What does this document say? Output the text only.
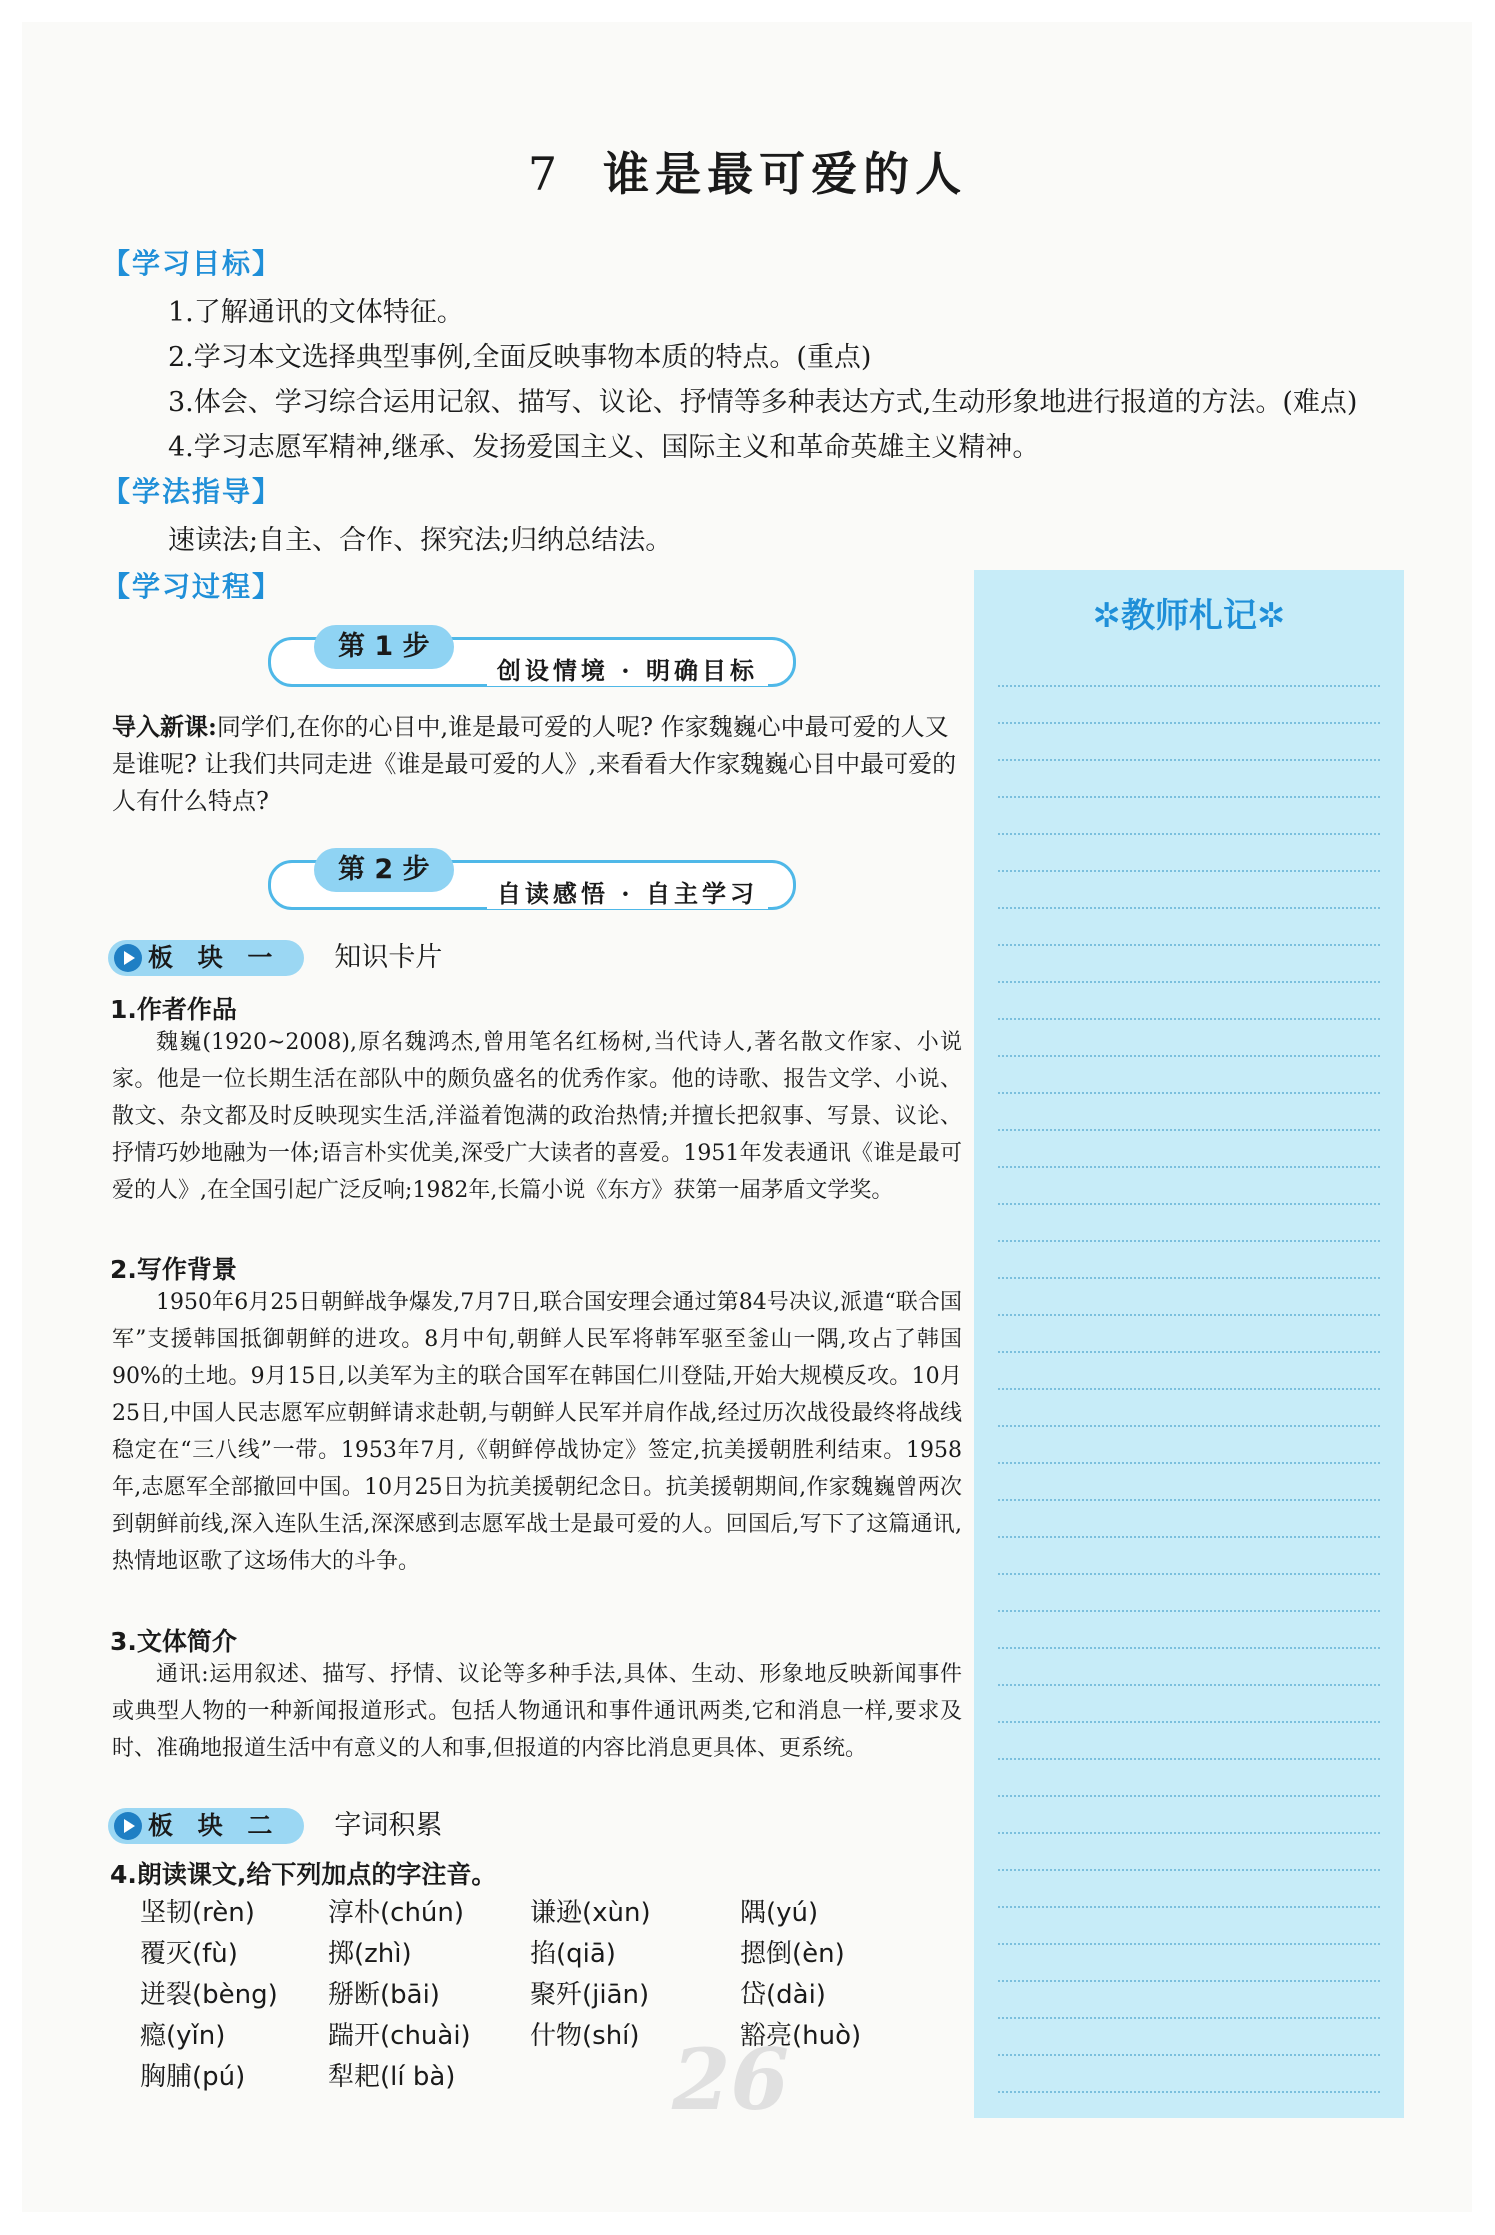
7 谁是最可爱的人
【学习目标】
1.了解通讯的文体特征。
2.学习本文选择典型事例,全面反映事物本质的特点。(重点)
3.体会、学习综合运用记叙、描写、议论、抒情等多种表达方式,生动形象地进行报道的方法。(难点)
4.学习志愿军精神,继承、发扬爱国主义、国际主义和革命英雄主义精神。
【学法指导】
速读法;自主、合作、探究法;归纳总结法。
【学习过程】
第 1 步
创设情境 · 明确目标
导入新课:同学们,在你的心目中,谁是最可爱的人呢? 作家魏巍心中最可爱的人又是谁呢? 让我们共同走进《谁是最可爱的人》,来看看大作家魏巍心目中最可爱的人有什么特点?
第 2 步
自读感悟 · 自主学习
板 块 一 知识卡片
1.作者作品
魏巍(1920~2008),原名魏鸿杰,曾用笔名红杨树,当代诗人,著名散文作家、小说家。他是一位长期生活在部队中的颇负盛名的优秀作家。他的诗歌、报告文学、小说、散文、杂文都及时反映现实生活,洋溢着饱满的政治热情;并擅长把叙事、写景、议论、抒情巧妙地融为一体;语言朴实优美,深受广大读者的喜爱。1951年发表通讯《谁是最可爱的人》,在全国引起广泛反响;1982年,长篇小说《东方》获第一届茅盾文学奖。
2.写作背景
1950年6月25日朝鲜战争爆发,7月7日,联合国安理会通过第84号决议,派遣“联合国军”支援韩国抵御朝鲜的进攻。8月中旬,朝鲜人民军将韩军驱至釜山一隅,攻占了韩国90%的土地。9月15日,以美军为主的联合国军在韩国仁川登陆,开始大规模反攻。10月25日,中国人民志愿军应朝鲜请求赴朝,与朝鲜人民军并肩作战,经过历次战役最终将战线稳定在“三八线”一带。1953年7月,《朝鲜停战协定》签定,抗美援朝胜利结束。1958年,志愿军全部撤回中国。10月25日为抗美援朝纪念日。抗美援朝期间,作家魏巍曾两次到朝鲜前线,深入连队生活,深深感到志愿军战士是最可爱的人。回国后,写下了这篇通讯,热情地讴歌了这场伟大的斗争。
3.文体简介
通讯:运用叙述、描写、抒情、议论等多种手法,具体、生动、形象地反映新闻事件或典型人物的一种新闻报道形式。包括人物通讯和事件通讯两类,它和消息一样,要求及时、准确地报道生活中有意义的人和事,但报道的内容比消息更具体、更系统。
板 块 二 字词积累
4.朗读课文,给下列加点的字注音。
坚韧(rèn)	淳朴(chún)	谦逊(xùn)	隅(yú)
覆灭(fù)	掷(zhì)	掐(qiā)	摁倒(èn)
迸裂(bèng) 掰断(bāi)	聚歼(jiān)	岱(dài)
瘾(yǐn)	踹开(chuài) 什物(shí)	豁亮(huò)
胸脯(pú)	犁耙(lí bà)	26
✲教师札记✲
